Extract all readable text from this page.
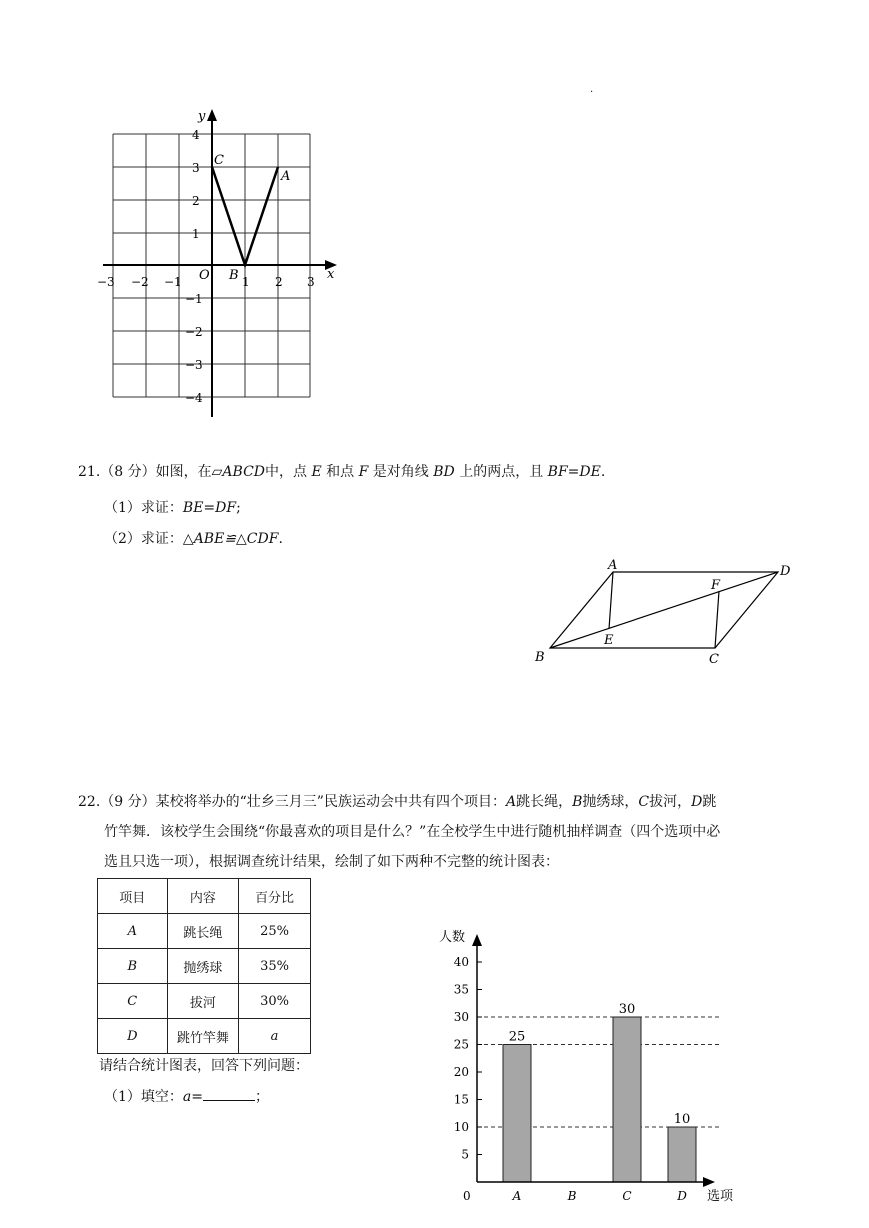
.
x
y
O
−3 −2 −1	1 2 3
4
3
2
1
−1
−2
−3
−4
C
A
B
21.（8 分）如图，在▱ABCD中，点 E 和点 F 是对角线 BD 上的两点，且 BF=DE.
（1）求证：BE=DF;
（2）求证：△ABE≌△CDF.
A
B	C
D
E
F
22.（9 分）某校将举办的“壮乡三月三”民族运动会中共有四个项目：A跳长绳，B抛绣球，C拔河，D跳
竹竿舞．该校学生会围绕“你最喜欢的项目是什么？”在全校学生中进行随机抽样调查（四个选项中必
选且只选一项），根据调查统计结果，绘制了如下两种不完整的统计图表：
项目	内容	百分比
A	跳长绳	25%
B	抛绣球	35%
C	拔河	30%
D	跳竹竿舞	a
请结合统计图表，回答下列问题：
（1）填空：a=	；
25
30
10
5
10
15
20
25
30
35
40
A	B	C	D
0
人数
选项
